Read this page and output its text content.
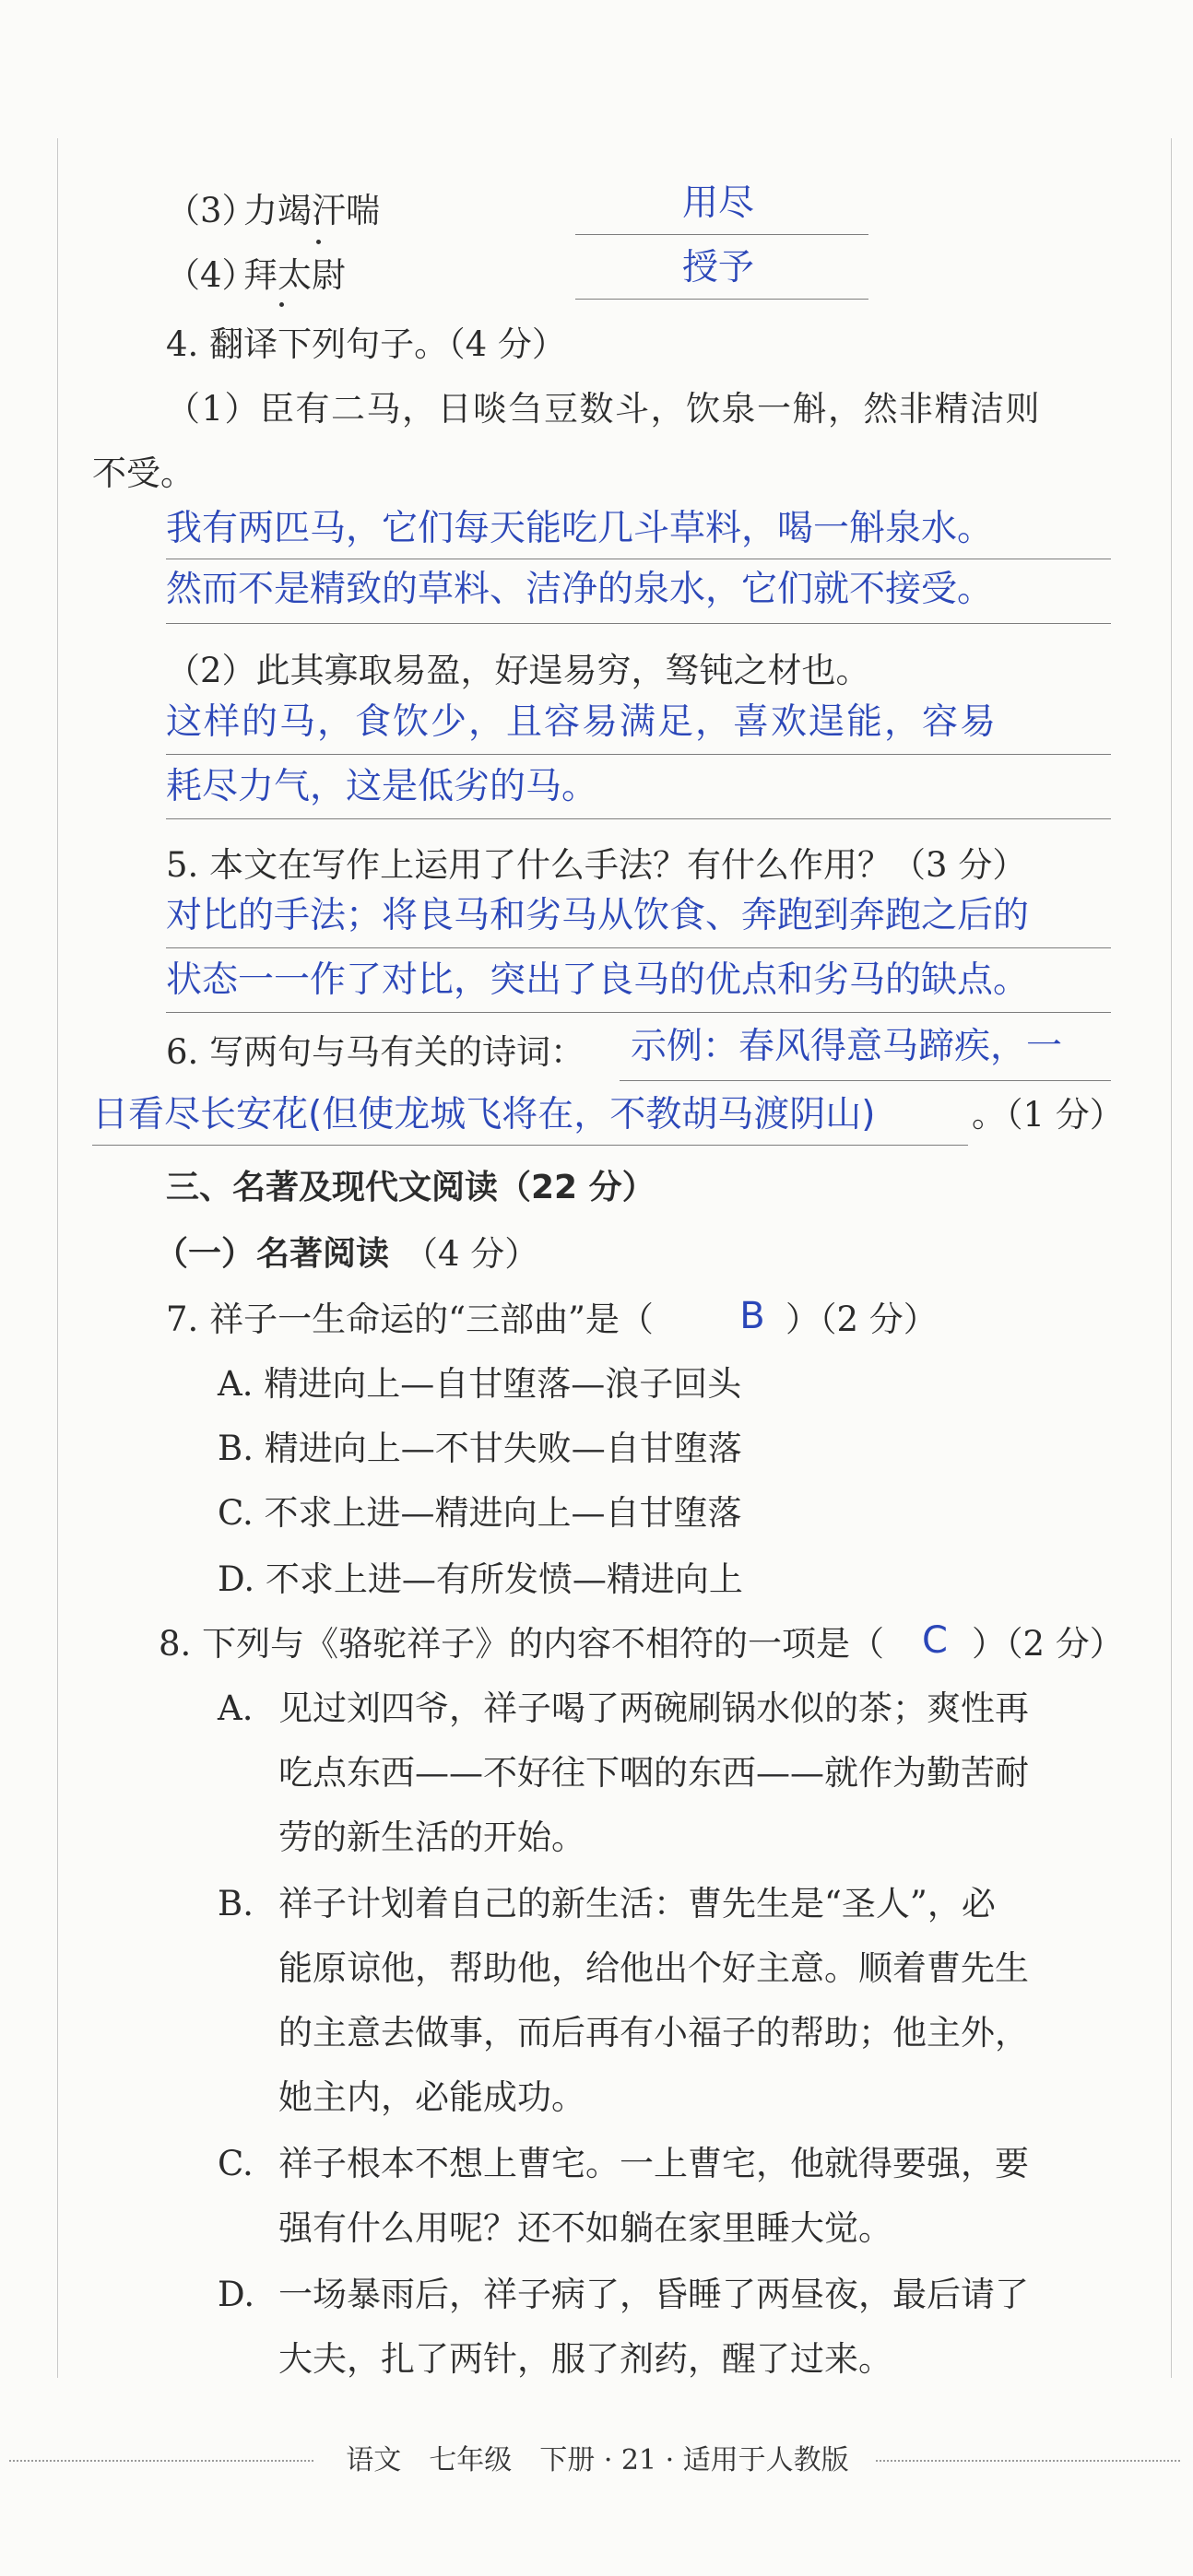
（3）
力竭汗喘	用尽
（4）
拜太尉	授予
4. 翻译下列句子。（4 分）
（1）臣有二马，日啖刍豆数斗，饮泉一斛，然非精洁则
不受。
我有两匹马，它们每天能吃几斗草料，喝一斛泉水。
然而不是精致的草料、洁净的泉水，它们就不接受。
（2）此其寡取易盈，好逞易穷，驽钝之材也。
这样的马，食饮少，且容易满足，喜欢逞能，容易
耗尽力气，这是低劣的马。
5. 本文在写作上运用了什么手法？有什么作用？（3 分）
对比的手法；将良马和劣马从饮食、奔跑到奔跑之后的
状态一一作了对比，突出了良马的优点和劣马的缺点。
6. 写两句与马有关的诗词： 示例：春风得意马蹄疾，一
日看尽长安花(但使龙城飞将在，不教胡马渡阴山)	。（1 分）
三、名著及现代文阅读（22 分）
（一） 名著阅读 （4 分）
7. 祥子一生命运的“三部曲”是（	B ）（2 分）
A. 精进向上—自甘堕落—浪子回头
B. 精进向上—不甘失败—自甘堕落
C. 不求上进—精进向上—自甘堕落
D. 不求上进—有所发愤—精进向上
8. 下列与《骆驼祥子》的内容不相符的一项是（	C ）（2 分）
A. 见过刘四爷，祥子喝了两碗刷锅水似的茶；爽性再
吃点东西——不好往下咽的东西——就作为勤苦耐
劳的新生活的开始。
B. 祥子计划着自己的新生活：曹先生是“圣人”，必
能原谅他，帮助他，给他出个好主意。顺着曹先生
的主意去做事，而后再有小福子的帮助；他主外，
她主内，必能成功。
C. 祥子根本不想上曹宅。一上曹宅，他就得要强，要
强有什么用呢？还不如躺在家里睡大觉。
D. 一场暴雨后，祥子病了，昏睡了两昼夜，最后请了
大夫，扎了两针，服了剂药，醒了过来。
语文　七年级　下册 · 21 · 适用于人教版
